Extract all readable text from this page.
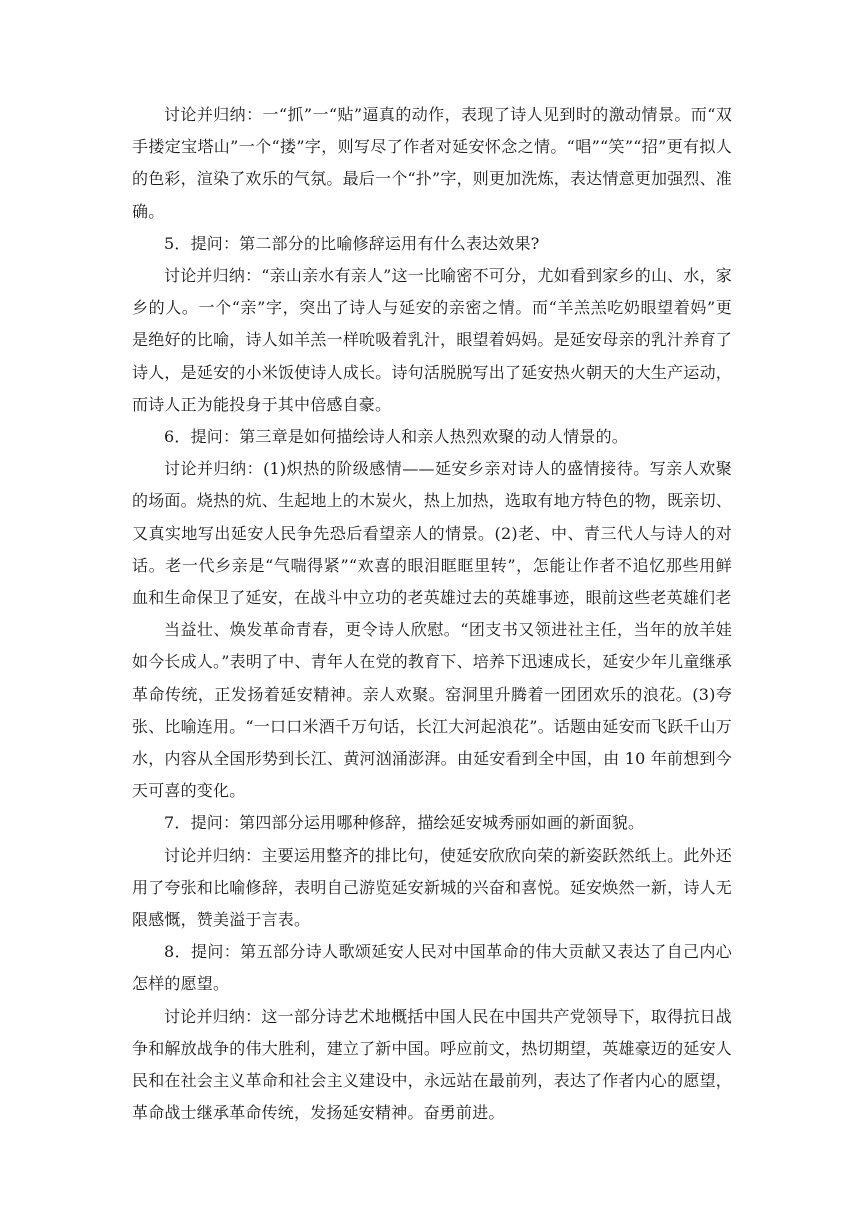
讨论并归纳：一“抓”一“贴”逼真的动作，表现了诗人见到时的激动情景。而“双手搂定宝塔山”一个“搂”字，则写尽了作者对延安怀念之情。“唱”“笑”“招”更有拟人的色彩，渲染了欢乐的气氛。最后一个“扑”字，则更加洗炼，表达情意更加强烈、准确。

5．提问：第二部分的比喻修辞运用有什么表达效果?

讨论并归纳：“亲山亲水有亲人”这一比喻密不可分，尤如看到家乡的山、水，家乡的人。一个“亲”字，突出了诗人与延安的亲密之情。而“羊羔羔吃奶眼望着妈”更是绝好的比喻，诗人如羊羔一样吮吸着乳汁，眼望着妈妈。是延安母亲的乳汁养育了诗人，是延安的小米饭使诗人成长。诗句活脱脱写出了延安热火朝天的大生产运动，而诗人正为能投身于其中倍感自豪。

6．提问：第三章是如何描绘诗人和亲人热烈欢聚的动人情景的。

讨论并归纳：(1)炽热的阶级感情——延安乡亲对诗人的盛情接待。写亲人欢聚的场面。烧热的炕、生起地上的木炭火，热上加热，选取有地方特色的物，既亲切、又真实地写出延安人民争先恐后看望亲人的情景。(2)老、中、青三代人与诗人的对话。老一代乡亲是“气喘得紧”“欢喜的眼泪眶眶里转”，怎能让作者不追忆那些用鲜血和生命保卫了延安，在战斗中立功的老英雄过去的英雄事迹，眼前这些老英雄们老

当益壮、焕发革命青春，更令诗人欣慰。“团支书又领进社主任，当年的放羊娃如今长成人。”表明了中、青年人在党的教育下、培养下迅速成长，延安少年儿童继承革命传统，正发扬着延安精神。亲人欢聚。窑洞里升腾着一团团欢乐的浪花。(3)夸张、比喻连用。“一口口米酒千万句话，长江大河起浪花”。话题由延安而飞跃千山万水，内容从全国形势到长江、黄河汹涌澎湃。由延安看到全中国，由 10 年前想到今天可喜的变化。

7．提问：第四部分运用哪种修辞，描绘延安城秀丽如画的新面貌。

讨论并归纳：主要运用整齐的排比句，使延安欣欣向荣的新姿跃然纸上。此外还用了夸张和比喻修辞，表明自己游览延安新城的兴奋和喜悦。延安焕然一新，诗人无限感慨，赞美溢于言表。

8．提问：第五部分诗人歌颂延安人民对中国革命的伟大贡献又表达了自己内心怎样的愿望。

讨论并归纳：这一部分诗艺术地概括中国人民在中国共产党领导下，取得抗日战争和解放战争的伟大胜利，建立了新中国。呼应前文，热切期望，英雄豪迈的延安人民和在社会主义革命和社会主义建设中，永远站在最前列，表达了作者内心的愿望，革命战士继承革命传统，发扬延安精神。奋勇前进。
